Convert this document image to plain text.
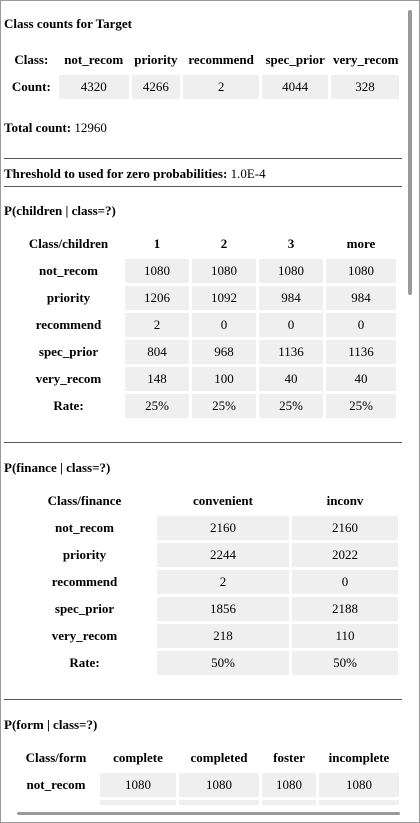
Class counts for Target
Class:	not_recom	priority	recommend	spec_prior	very_recom

Count:	4320	4266	2	4044	328
Total count: 12960
Threshold to used for zero probabilities: 1.0E-4
P(children | class=?)
Class/children	1	2	3	more
not_recom	1080	1080	1080	1080
priority	1206	1092	984	984
recommend	2	0	0	0
spec_prior	804	968	1136	1136
very_recom	148	100	40	40
Rate:	25%	25%	25%	25%
P(finance | class=?)
Class/finance	convenient	inconv
not_recom	2160	2160
priority	2244	2022
recommend	2	0
spec_prior	1856	2188
very_recom	218	110
Rate:	50%	50%
P(form | class=?)
Class/form	complete	completed	foster	incomplete
not_recom	1080	1080	1080	1080
